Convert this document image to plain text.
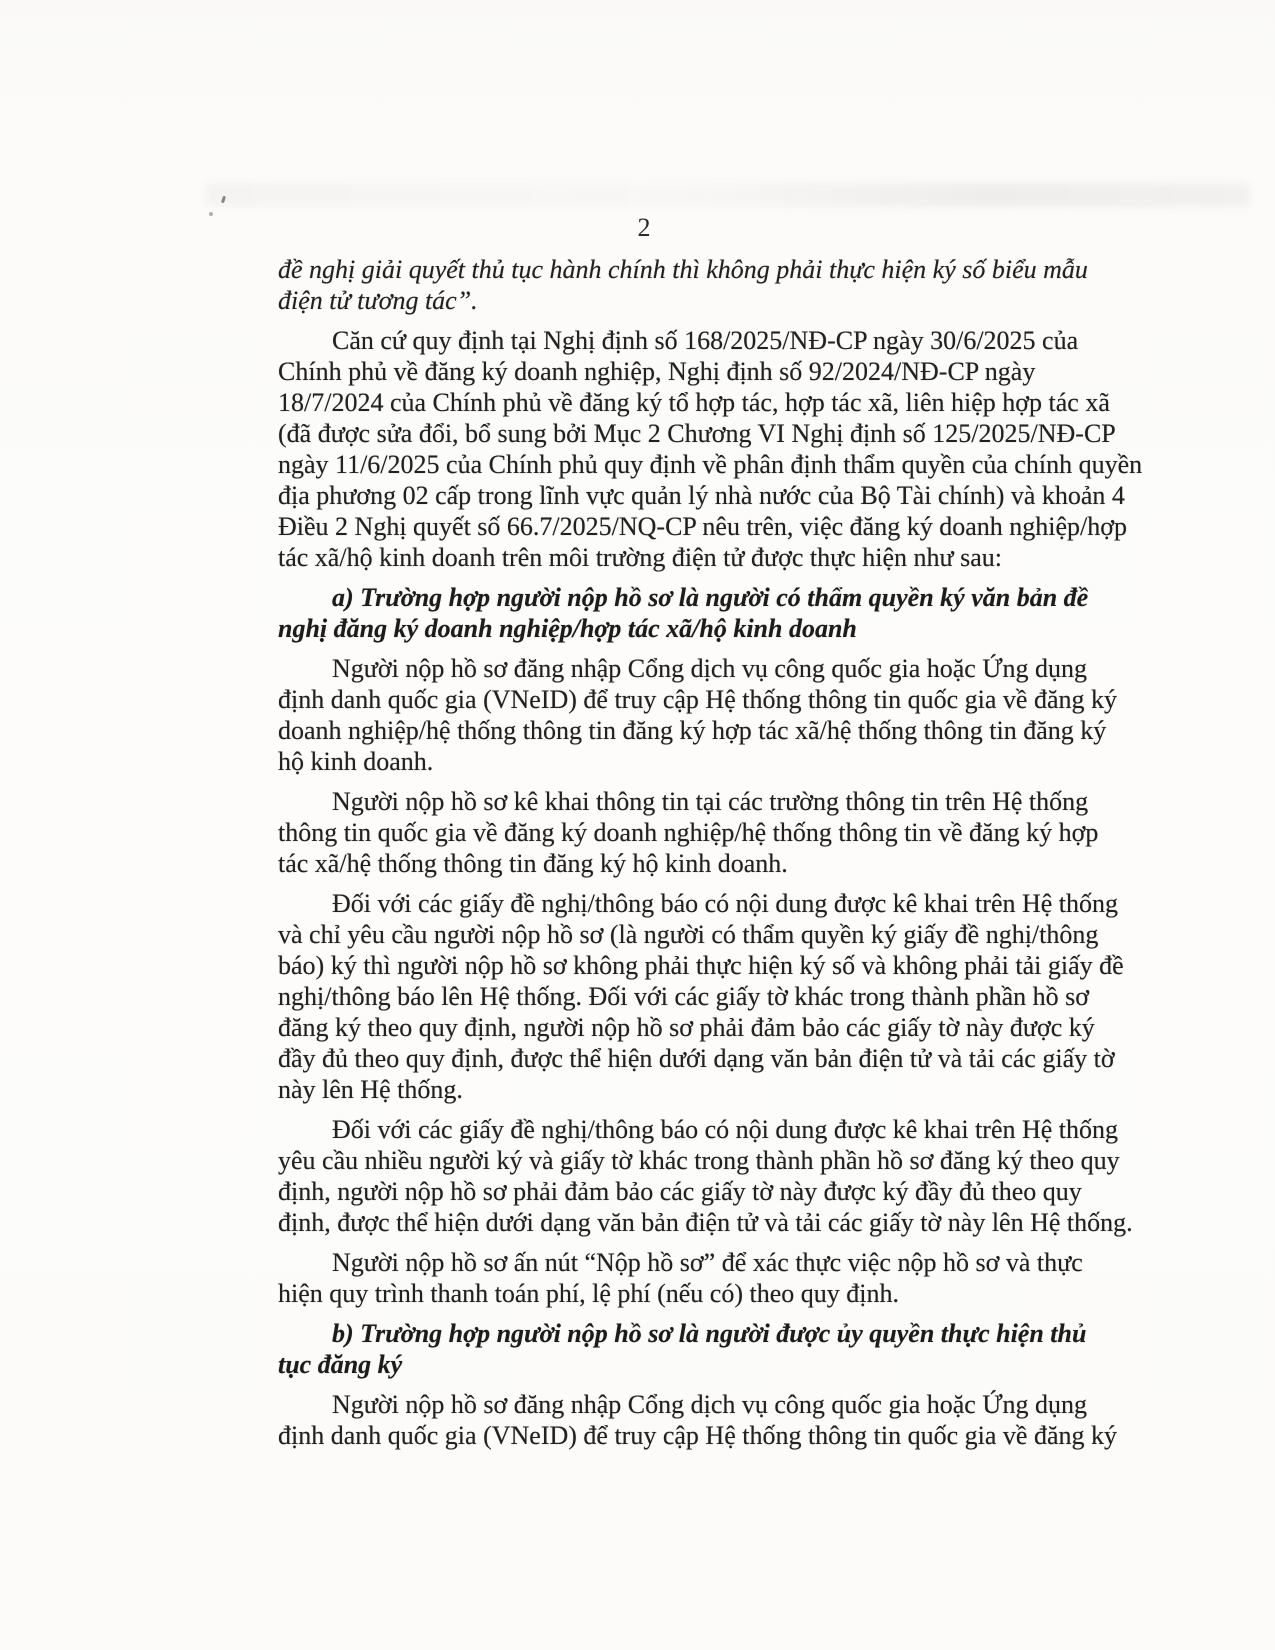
2
đề nghị giải quyết thủ tục hành chính thì không phải thực hiện ký số biểu mẫu
điện tử tương tác”.
Căn cứ quy định tại Nghị định số 168/2025/NĐ-CP ngày 30/6/2025 của
Chính phủ về đăng ký doanh nghiệp, Nghị định số 92/2024/NĐ-CP ngày
18/7/2024 của Chính phủ về đăng ký tổ hợp tác, hợp tác xã, liên hiệp hợp tác xã
(đã được sửa đổi, bổ sung bởi Mục 2 Chương VI Nghị định số 125/2025/NĐ-CP
ngày 11/6/2025 của Chính phủ quy định về phân định thẩm quyền của chính quyền
địa phương 02 cấp trong lĩnh vực quản lý nhà nước của Bộ Tài chính) và khoản 4
Điều 2 Nghị quyết số 66.7/2025/NQ-CP nêu trên, việc đăng ký doanh nghiệp/hợp
tác xã/hộ kinh doanh trên môi trường điện tử được thực hiện như sau:
a) Trường hợp người nộp hồ sơ là người có thẩm quyền ký văn bản đề
nghị đăng ký doanh nghiệp/hợp tác xã/hộ kinh doanh
Người nộp hồ sơ đăng nhập Cổng dịch vụ công quốc gia hoặc Ứng dụng
định danh quốc gia (VNeID) để truy cập Hệ thống thông tin quốc gia về đăng ký
doanh nghiệp/hệ thống thông tin đăng ký hợp tác xã/hệ thống thông tin đăng ký
hộ kinh doanh.
Người nộp hồ sơ kê khai thông tin tại các trường thông tin trên Hệ thống
thông tin quốc gia về đăng ký doanh nghiệp/hệ thống thông tin về đăng ký hợp
tác xã/hệ thống thông tin đăng ký hộ kinh doanh.
Đối với các giấy đề nghị/thông báo có nội dung được kê khai trên Hệ thống
và chỉ yêu cầu người nộp hồ sơ (là người có thẩm quyền ký giấy đề nghị/thông
báo) ký thì người nộp hồ sơ không phải thực hiện ký số và không phải tải giấy đề
nghị/thông báo lên Hệ thống. Đối với các giấy tờ khác trong thành phần hồ sơ
đăng ký theo quy định, người nộp hồ sơ phải đảm bảo các giấy tờ này được ký
đầy đủ theo quy định, được thể hiện dưới dạng văn bản điện tử và tải các giấy tờ
này lên Hệ thống.
Đối với các giấy đề nghị/thông báo có nội dung được kê khai trên Hệ thống
yêu cầu nhiều người ký và giấy tờ khác trong thành phần hồ sơ đăng ký theo quy
định, người nộp hồ sơ phải đảm bảo các giấy tờ này được ký đầy đủ theo quy
định, được thể hiện dưới dạng văn bản điện tử và tải các giấy tờ này lên Hệ thống.
Người nộp hồ sơ ấn nút “Nộp hồ sơ” để xác thực việc nộp hồ sơ và thực
hiện quy trình thanh toán phí, lệ phí (nếu có) theo quy định.
b) Trường hợp người nộp hồ sơ là người được ủy quyền thực hiện thủ
tục đăng ký
Người nộp hồ sơ đăng nhập Cổng dịch vụ công quốc gia hoặc Ứng dụng
định danh quốc gia (VNeID) để truy cập Hệ thống thông tin quốc gia về đăng ký
